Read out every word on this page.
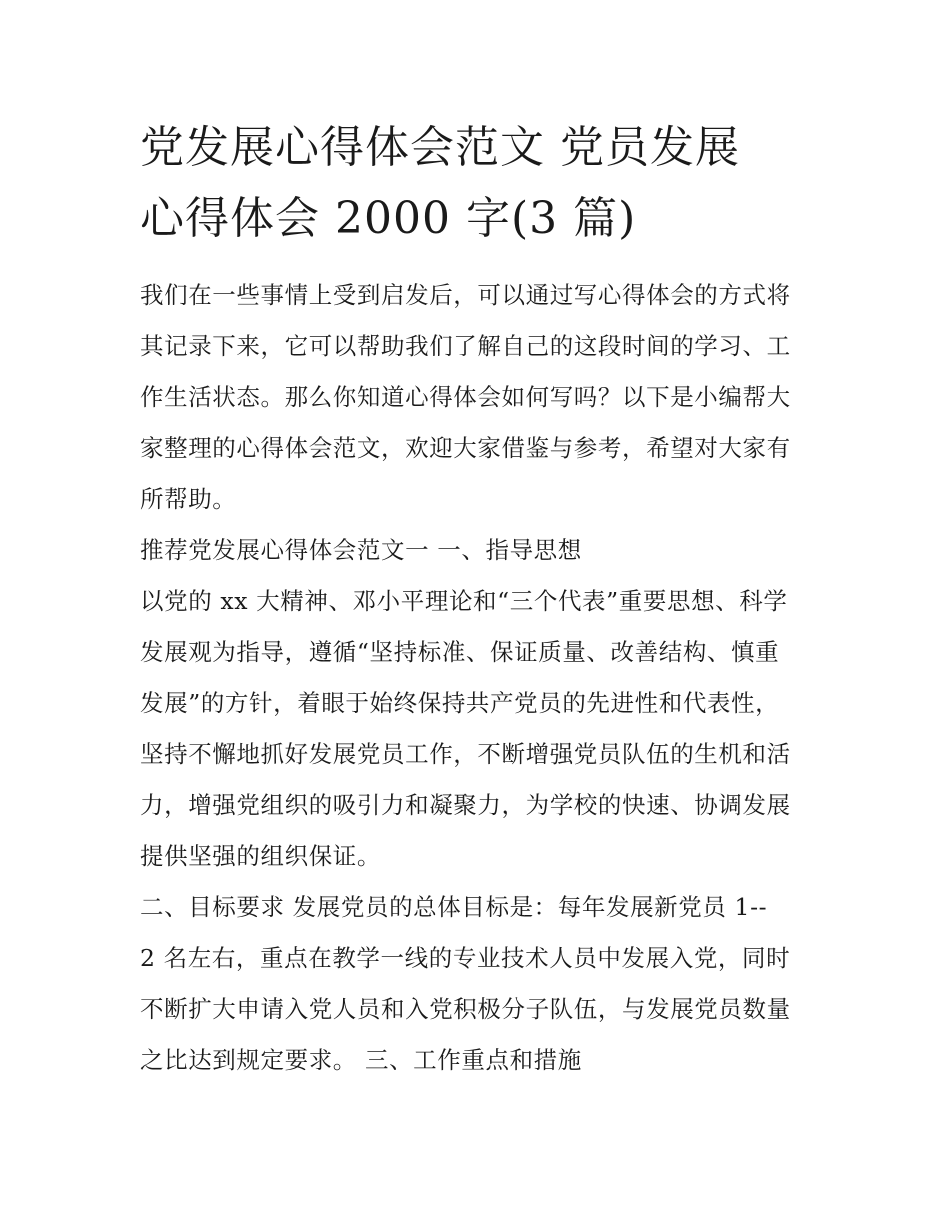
党发展心得体会范文 党员发展
心得体会 2000 字(3 篇)
我们在一些事情上受到启发后，可以通过写心得体会的方式将
其记录下来，它可以帮助我们了解自己的这段时间的学习、工
作生活状态。那么你知道心得体会如何写吗？以下是小编帮大
家整理的心得体会范文，欢迎大家借鉴与参考，希望对大家有
所帮助。
推荐党发展心得体会范文一 一、指导思想
以党的 xx 大精神、邓小平理论和“三个代表”重要思想、科学
发展观为指导，遵循“坚持标准、保证质量、改善结构、慎重
发展”的方针，着眼于始终保持共产党员的先进性和代表性，
坚持不懈地抓好发展党员工作，不断增强党员队伍的生机和活
力，增强党组织的吸引力和凝聚力，为学校的快速、协调发展
提供坚强的组织保证。
二、目标要求 发展党员的总体目标是：每年发展新党员 1--
2 名左右，重点在教学一线的专业技术人员中发展入党，同时
不断扩大申请入党人员和入党积极分子队伍，与发展党员数量
之比达到规定要求。 三、工作重点和措施
